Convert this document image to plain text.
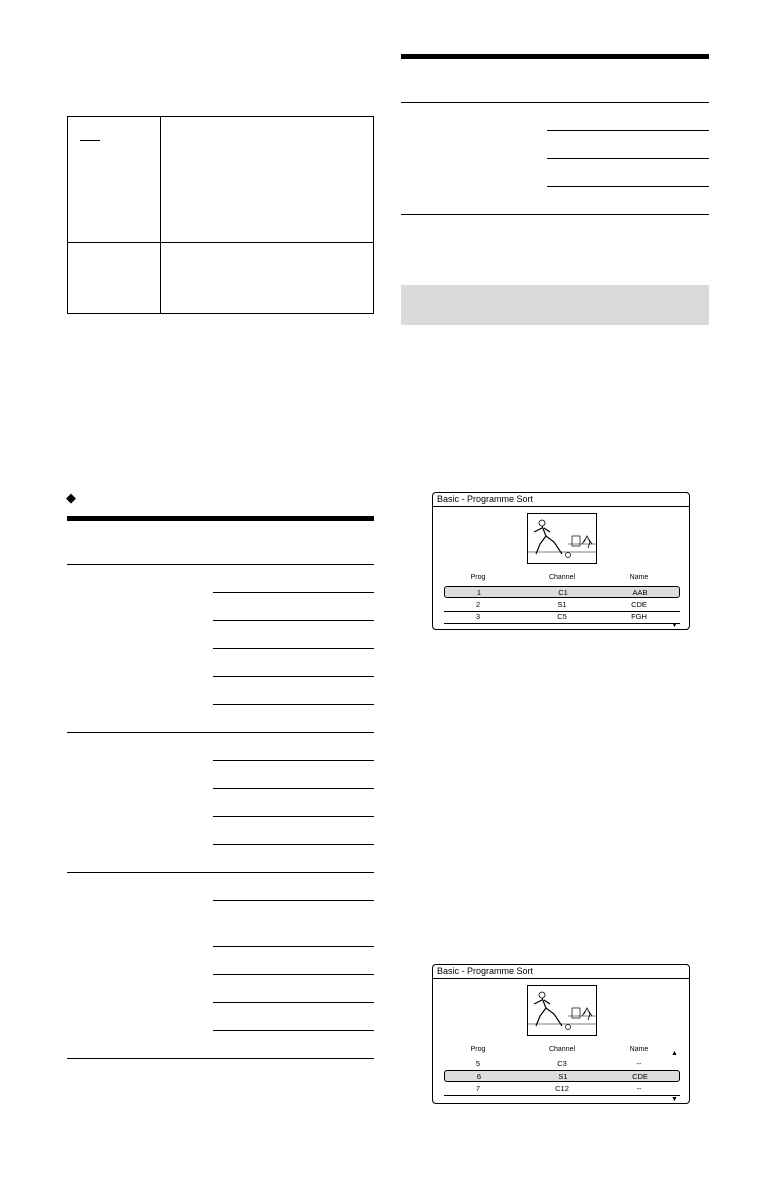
◆	Basic - Programme Sort
Prog	Channel	Name
1	C1	AAB
2	S1	CDE
3	C5	FGH
▼
Basic - Programme Sort
Prog	Channel	Name
▲
5	C3	--
6	S1	CDE
7	C12	--
▼
